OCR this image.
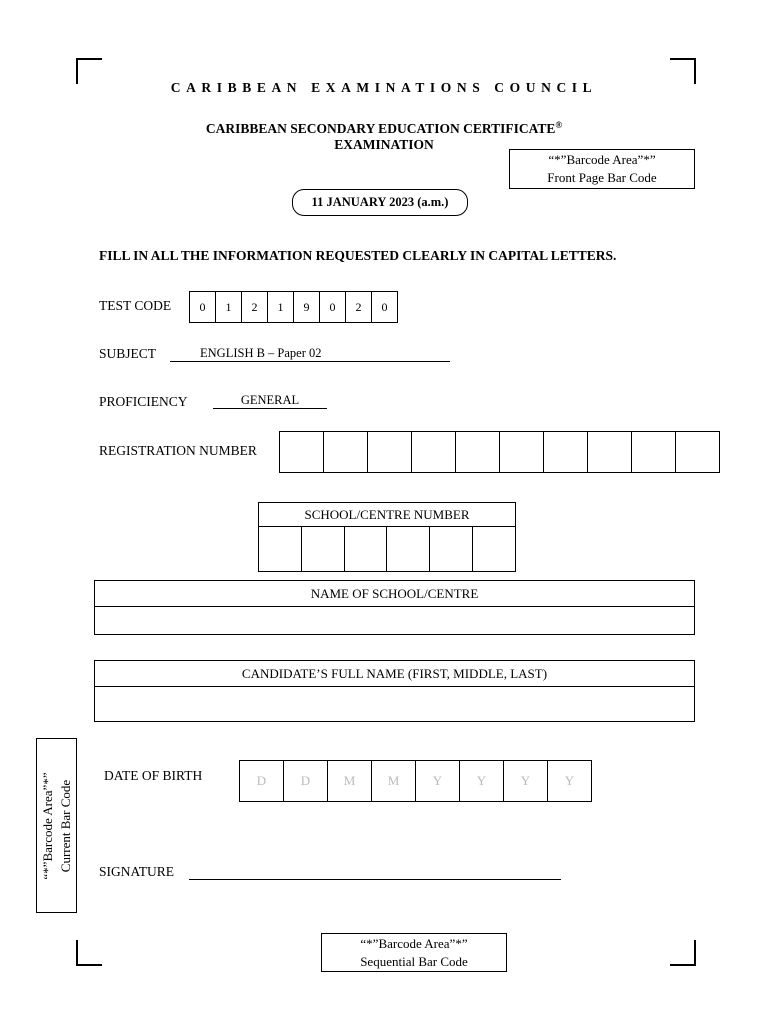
CARIBBEAN EXAMINATIONS COUNCIL
CARIBBEAN SECONDARY EDUCATION CERTIFICATE®
EXAMINATION
“*”Barcode Area”*”
Front Page Bar Code
11 JANUARY 2023 (a.m.)
FILL IN ALL THE INFORMATION REQUESTED CLEARLY IN CAPITAL LETTERS.
TEST CODE	0	1	2	1	9	0	2	0
SUBJECT	ENGLISH B – Paper 02
PROFICIENCY	GENERAL
REGISTRATION NUMBER
SCHOOL/CENTRE NUMBER
NAME OF SCHOOL/CENTRE
CANDIDATE’S FULL NAME (FIRST, MIDDLE, LAST)
“*”Barcode Area”*” Current Bar Code
DATE OF BIRTH	D	D	M	M	Y	Y	Y	Y
SIGNATURE
“*”Barcode Area”*”
Sequential Bar Code
